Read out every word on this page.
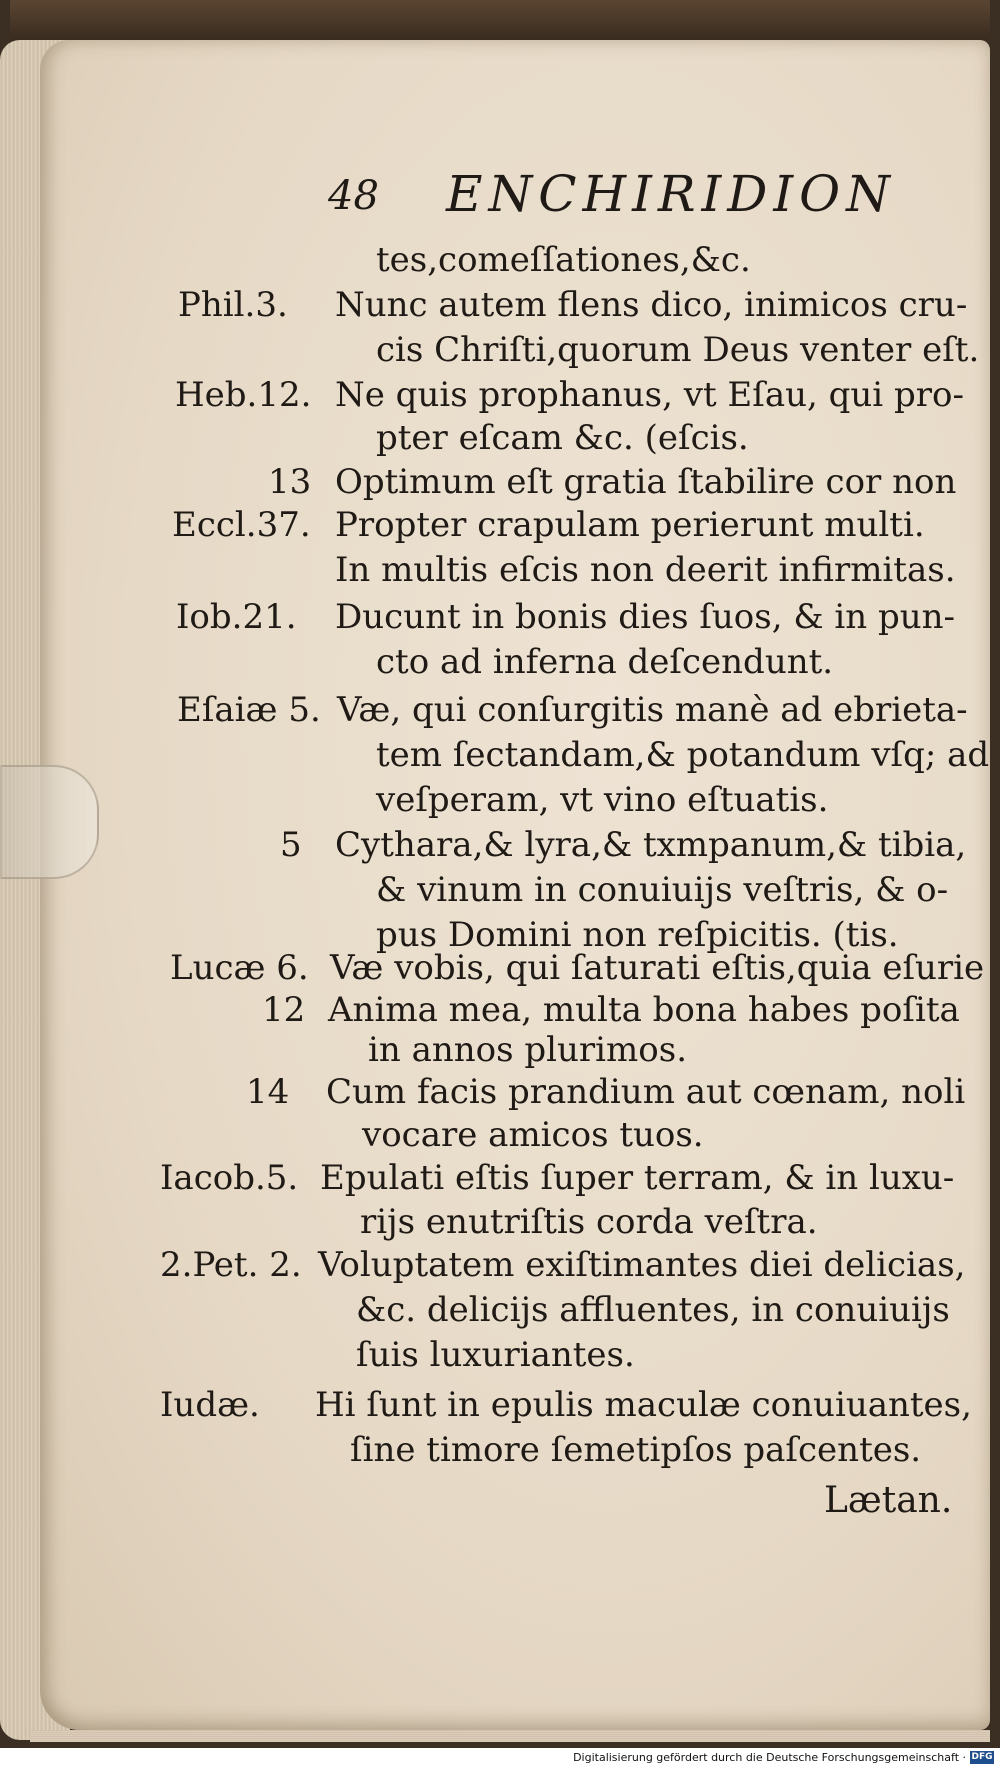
48 ENCHIRIDION
tes,comeſſationes,&c.
Phil.3. Nunc autem flens dico, inimicos cru-
cis Chriſti,quorum Deus venter eſt.
Heb.12. Ne quis prophanus, vt Eſau, qui pro-
pter eſcam &c. (eſcis.
13 Optimum eſt gratia ſtabilire cor non
Eccl.37. Propter crapulam perierunt multi.
In multis eſcis non deerit infirmitas.
Iob.21. Ducunt in bonis dies ſuos, & in pun-
cto ad inferna deſcendunt.
Eſaiæ 5. Væ, qui conſurgitis manè ad ebrieta-
tem ſectandam,& potandum vſq; ad
veſperam, vt vino eſtuatis.
5 Cythara,& lyra,& txmpanum,& tibia,
& vinum in conuiuijs veſtris, & o-
pus Domini non reſpicitis. (tis.
Lucæ 6. Væ vobis, qui ſaturati eſtis,quia eſurie
12 Anima mea, multa bona habes poſita
in annos plurimos.
14 Cum facis prandium aut cœnam, noli
vocare amicos tuos.
Iacob.5. Epulati eſtis ſuper terram, & in luxu-
rijs enutriſtis corda veſtra.
2.Pet. 2. Voluptatem exiſtimantes diei delicias,
&c. delicijs affluentes, in conuiuijs
ſuis luxuriantes.
Iudæ. Hi ſunt in epulis maculæ conuiuantes,
ſine timore ſemetipſos paſcentes.
Lætan.
Digitalisierung gefördert durch die Deutsche Forschungsgemeinschaft · DFG
